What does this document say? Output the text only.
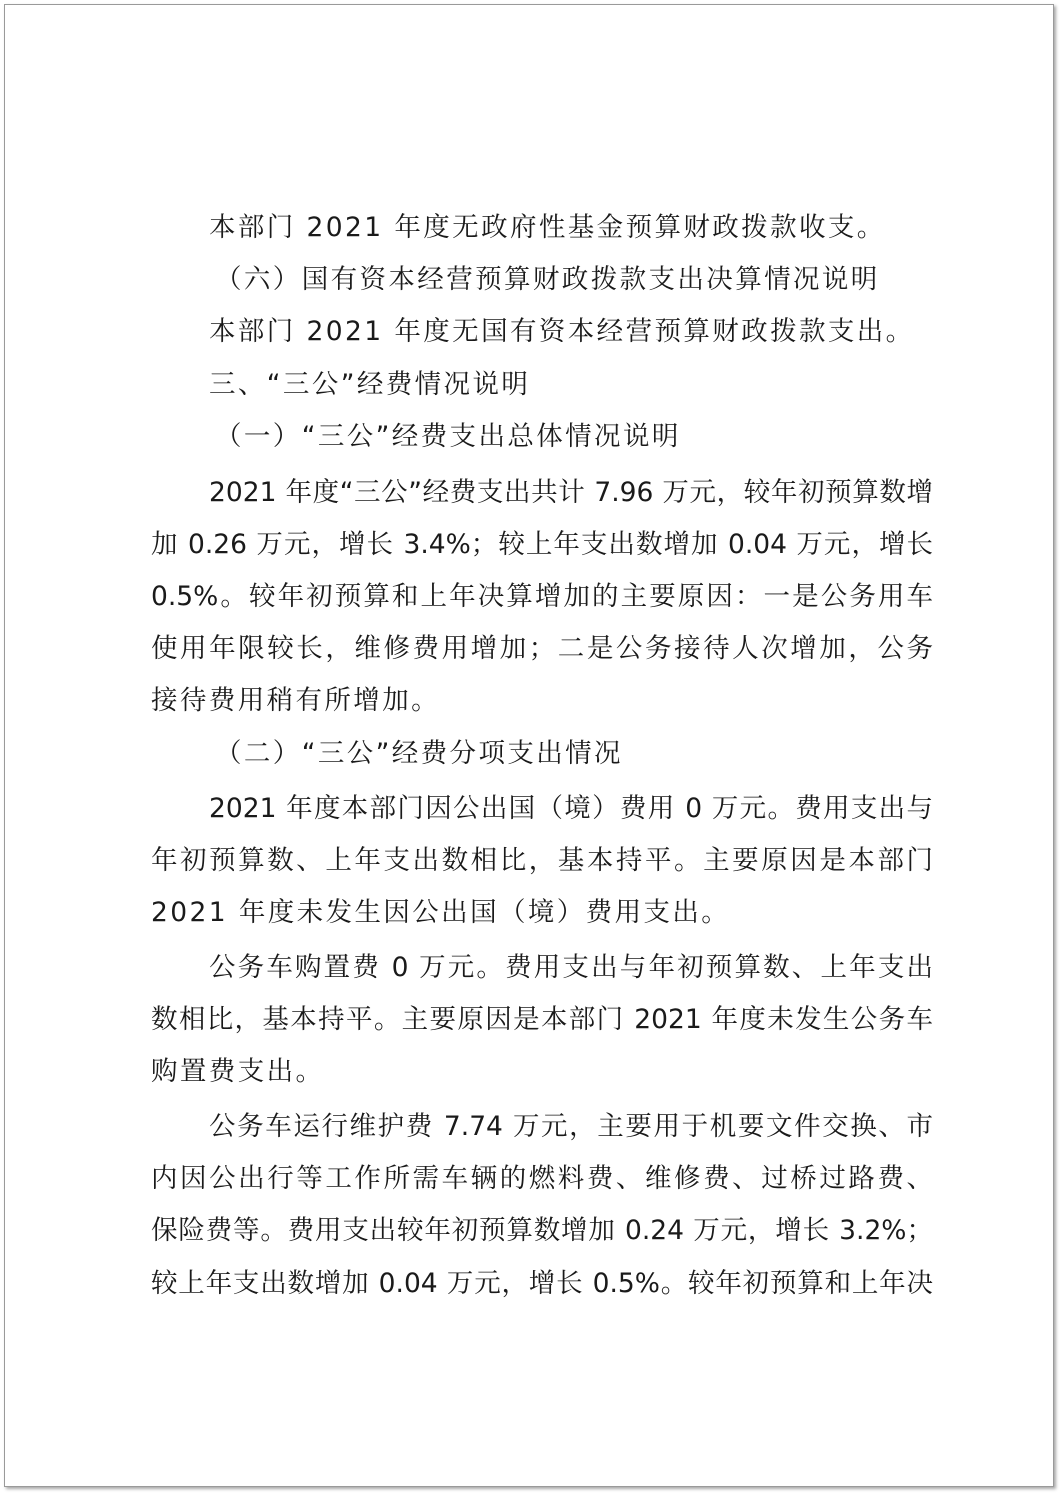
本部门 2021 年度无政府性基金预算财政拨款收支。
（六）国有资本经营预算财政拨款支出决算情况说明
本部门 2021 年度无国有资本经营预算财政拨款支出。
三、“三公”经费情况说明
（一）“三公”经费支出总体情况说明
2021 年度“三公”经费支出共计 7.96 万元，较年初预算数增
加 0.26 万元，增长 3.4%；较上年支出数增加 0.04 万元，增长
0.5%。较年初预算和上年决算增加的主要原因：一是公务用车
使用年限较长，维修费用增加；二是公务接待人次增加，公务
接待费用稍有所增加。
（二）“三公”经费分项支出情况
2021 年度本部门因公出国（境）费用 0 万元。费用支出与
年初预算数、上年支出数相比，基本持平。主要原因是本部门
2021 年度未发生因公出国（境）费用支出。
公务车购置费 0 万元。费用支出与年初预算数、上年支出
数相比，基本持平。主要原因是本部门 2021 年度未发生公务车
购置费支出。
公务车运行维护费 7.74 万元，主要用于机要文件交换、市
内因公出行等工作所需车辆的燃料费、维修费、过桥过路费、
保险费等。费用支出较年初预算数增加 0.24 万元，增长 3.2%；
较上年支出数增加 0.04 万元，增长 0.5%。较年初预算和上年决
